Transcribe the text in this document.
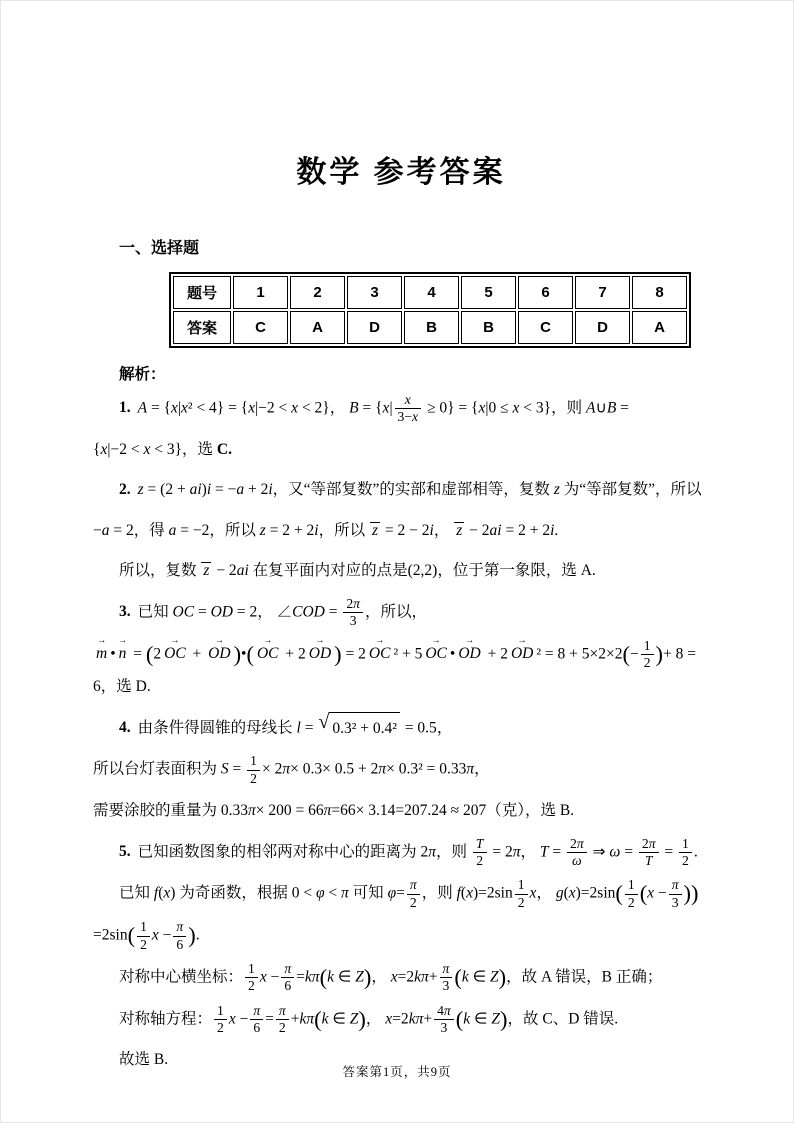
数学 参考答案
一、选择题
题号	1	2	3	4	5	6	7	8
答案	C	A	D	B	B	C	D	A
解析：
1. A = {x|x² < 4} = {x|−2 < x < 2}， $B = \{x| \frac{x}{3-x} \ge 0\} = \{x|0 \le x < 3\}$，则 A∪B =
{x|−2 < x < 3}，选 C.
2. z = (2 + ai)i = −a + 2i，又“等部复数”的实部和虚部相等，复数 z 为“等部复数”，所以
−a = 2，得 a = −2，所以 z = 2 + 2i，所以 z = 2 − 2i， z − 2ai = 2 + 2i.
所以，复数 z − 2ai 在复平面内对应的点是(2,2)，位于第一象限，选 A.
3. 已知 OC = OD = 2， ∠COD = $\frac{2\pi}{3}$ ，所以，
→
m •
→
n = (2
→
OC +
→
OD )•( →
OC + 2
→
OD ) = 2
→
OC ² + 5
→
OC •
→
OD + 2
→
OD $^2 = 8 + 5\times 2\times 2(- \frac{1}{2}$ )+ 8 = 6，选 D.
4. 由条件得圆锥的母线长 l = √ 0.3² + 0.4² = 0.5，
所以台灯表面积为 $S = \frac{1}{2} \times 2\pi\times 0.3\times 0.5 + 2\pi\times 0.3^2 = 0.33\pi$，
需要涂胶的重量为 0.33π× 200 = 66π=66× 3.14=207.24 ≈ 207（克），选 B.
5. 已知函数图象的相邻两对称中心的距离为 2π，则 $\frac{T}{2} = 2\pi$， $T = \frac{2\pi}{\omega}$ ⇒ $\omega = \frac{2\pi}{T} = \frac{1}{2}$ .
已知 f(x) 为奇函数，根据 0 < φ < π 可知 $\varphi= \frac{\pi}{2}$ ，则 $f(x)=2\sin \frac{1}{2}$ x， $g(x)=2\sin( \frac{1}{2} (x - \frac{\pi}{3}$ ))
$=2\sin( \frac{1}{2}$ $x - \frac{\pi}{6}$ ).
对称中心横坐标： $\frac{1}{2}$ $x - \frac{\pi}{6} =k\pi(k$ ∈ Z)， $x=2k\pi+ \frac{\pi}{3} (k$ ∈ Z)，故 A 错误，B 正确；
对称轴方程： $\frac{1}{2}$ $x - \frac{\pi}{6} = \frac{\pi}{2} +k\pi(k$ ∈ Z)， $x=2k\pi+ \frac{4\pi}{3} (k$ ∈ Z)，故 C、D 错误.
故选 B.
答案第1页，共9页
